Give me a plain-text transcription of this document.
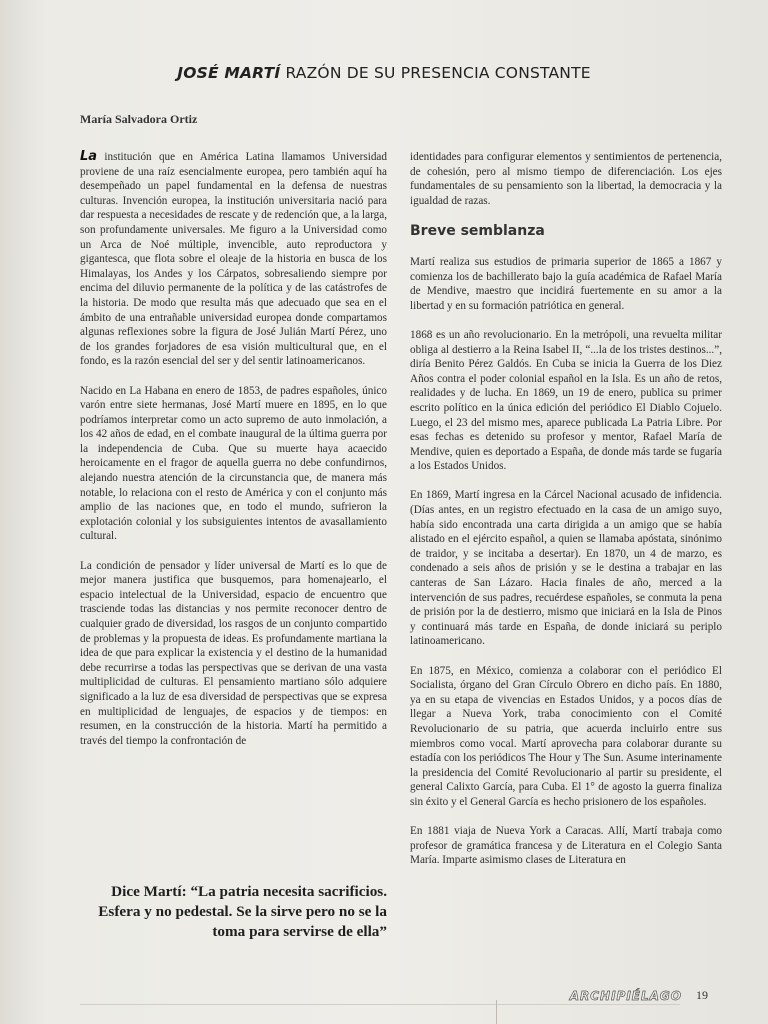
JOSÉ MARTÍ RAZÓN DE SU PRESENCIA CONSTANTE
María Salvadora Ortiz

La institución que en América Latina llamamos Universidad proviene de una raíz esencialmente europea, pero también aquí ha desempeñado un papel fundamental en la defensa de nuestras culturas. Invención europea, la institución universitaria nació para dar respuesta a necesidades de rescate y de redención que, a la larga, son profundamente universales. Me figuro a la Universidad como un Arca de Noé múltiple, invencible, auto reproductora y gigantesca, que flota sobre el oleaje de la historia en busca de los Himalayas, los Andes y los Cárpatos, sobresaliendo siempre por encima del diluvio permanente de la política y de las catástrofes de la historia. De modo que resulta más que adecuado que sea en el ámbito de una entrañable universidad europea donde compartamos algunas reflexiones sobre la figura de José Julián Martí Pérez, uno de los grandes forjadores de esa visión multicultural que, en el fondo, es la razón esencial del ser y del sentir latinoamericanos.

Nacido en La Habana en enero de 1853, de padres españoles, único varón entre siete hermanas, José Martí muere en 1895, en lo que podríamos interpretar como un acto supremo de auto inmolación, a los 42 años de edad, en el combate inaugural de la última guerra por la independencia de Cuba. Que su muerte haya acaecido heroicamente en el fragor de aquella guerra no debe confundirnos, alejando nuestra atención de la circunstancia que, de manera más notable, lo relaciona con el resto de América y con el conjunto más amplio de las naciones que, en todo el mundo, sufrieron la explotación colonial y los subsiguientes intentos de avasallamiento cultural.

La condición de pensador y líder universal de Martí es lo que de mejor manera justifica que busquemos, para homenajearlo, el espacio intelectual de la Universidad, espacio de encuentro que trasciende todas las distancias y nos permite reconocer dentro de cualquier grado de diversidad, los rasgos de un conjunto compartido de problemas y la propuesta de ideas. Es profundamente martiana la idea de que para explicar la existencia y el destino de la humanidad debe recurrirse a todas las perspectivas que se derivan de una vasta multiplicidad de culturas. El pensamiento martiano sólo adquiere significado a la luz de esa diversidad de perspectivas que se expresa en multiplicidad de lenguajes, de espacios y de tiempos: en resumen, en la construcción de la historia. Martí ha permitido a través del tiempo la confrontación de

Dice Martí: “La patria necesita sacrificios. Esfera y no pedestal. Se la sirve pero no se la toma para servirse de ella”

identidades para configurar elementos y sentimientos de pertenencia, de cohesión, pero al mismo tiempo de diferenciación. Los ejes fundamentales de su pensamiento son la libertad, la democracia y la igualdad de razas.

Breve semblanza

Martí realiza sus estudios de primaria superior de 1865 a 1867 y comienza los de bachillerato bajo la guía académica de Rafael María de Mendive, maestro que incidirá fuertemente en su amor a la libertad y en su formación patriótica en general.

1868 es un año revolucionario. En la metrópoli, una revuelta militar obliga al destierro a la Reina Isabel II, “...la de los tristes destinos...”, diría Benito Pérez Galdós. En Cuba se inicia la Guerra de los Diez Años contra el poder colonial español en la Isla. Es un año de retos, realidades y de lucha. En 1869, un 19 de enero, publica su primer escrito político en la única edición del periódico El Diablo Cojuelo. Luego, el 23 del mismo mes, aparece publicada La Patria Libre. Por esas fechas es detenido su profesor y mentor, Rafael María de Mendive, quien es deportado a España, de donde más tarde se fugaría a los Estados Unidos.

En 1869, Martí ingresa en la Cárcel Nacional acusado de infidencia. (Días antes, en un registro efectuado en la casa de un amigo suyo, había sido encontrada una carta dirigida a un amigo que se había alistado en el ejército español, a quien se llamaba apóstata, sinónimo de traidor, y se incitaba a desertar). En 1870, un 4 de marzo, es condenado a seis años de prisión y se le destina a trabajar en las canteras de San Lázaro. Hacia finales de año, merced a la intervención de sus padres, recuérdese españoles, se conmuta la pena de prisión por la de destierro, mismo que iniciará en la Isla de Pinos y continuará más tarde en España, de donde iniciará su periplo latinoamericano.

En 1875, en México, comienza a colaborar con el periódico El Socialista, órgano del Gran Círculo Obrero en dicho país. En 1880, ya en su etapa de vivencias en Estados Unidos, y a pocos días de llegar a Nueva York, traba conocimiento con el Comité Revolucionario de su patria, que acuerda incluirlo entre sus miembros como vocal. Martí aprovecha para colaborar durante su estadía con los periódicos The Hour y The Sun. Asume interinamente la presidencia del Comité Revolucionario al partir su presidente, el general Calixto García, para Cuba. El 1° de agosto la guerra finaliza sin éxito y el General García es hecho prisionero de los españoles.

En 1881 viaja de Nueva York a Caracas. Allí, Martí trabaja como profesor de gramática francesa y de Literatura en el Colegio Santa María. Imparte asimismo clases de Literatura en

ARCHIPIÉLAGO 19
